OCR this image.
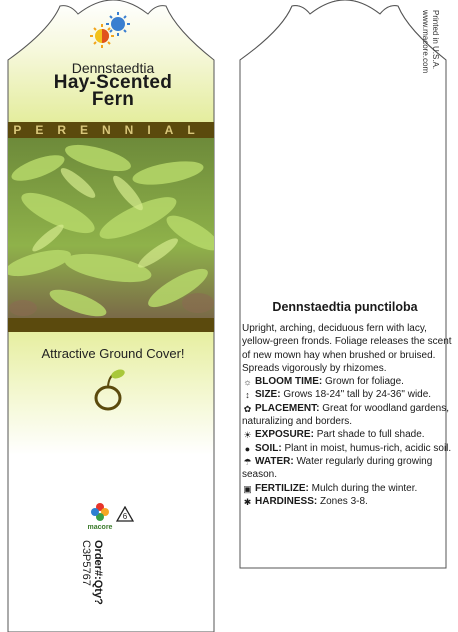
Dennstaedtia
Hay-Scented
Fern
PERENNIAL
Attractive Ground Cover!
macore
6
Order#:Qty?
C3P5767
Printed in U.S.A.
www.macore.com
Dennstaedtia punctiloba

Upright, arching, deciduous fern with lacy, yellow-green fronds. Foliage releases the scent of new mown hay when brushed or bruised. Spreads vigorously by rhizomes.

☼ BLOOM TIME: Grown for foliage.
↕ SIZE: Grows 18-24" tall by 24-36" wide.
✿ PLACEMENT: Great for woodland gardens, naturalizing and borders.
☀ EXPOSURE: Part shade to full shade.
● SOIL: Plant in moist, humus-rich, acidic soil.
☂ WATER: Water regularly during growing season.
▣ FERTILIZE: Mulch during the winter.
✱ HARDINESS: Zones 3-8.
